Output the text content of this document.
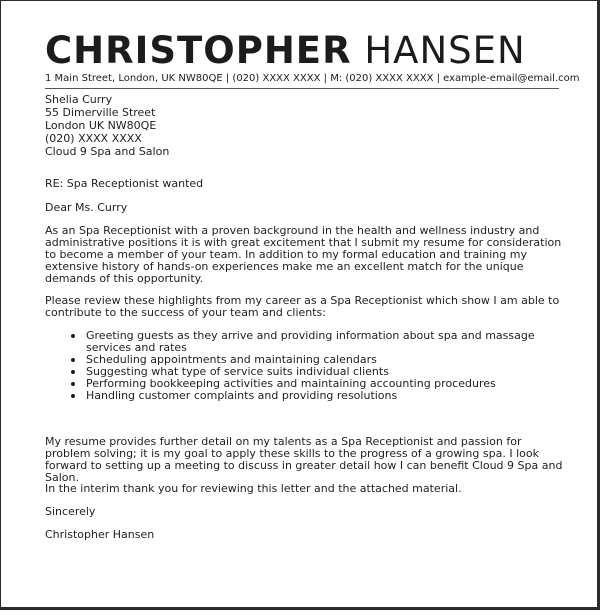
CHRISTOPHER HANSEN
1 Main Street, London, UK NW80QE | (020) XXXX XXXX | M: (020) XXXX XXXX | example-email@email.com
Shelia Curry
55 Dimerville Street
London UK NW80QE
(020) XXXX XXXX
Cloud 9 Spa and Salon
RE: Spa Receptionist wanted
Dear Ms. Curry
As an Spa Receptionist with a proven background in the health and wellness industry and administrative positions it is with great excitement that I submit my resume for consideration to become a member of your team. In addition to my formal education and training my extensive history of hands-on experiences make me an excellent match for the unique demands of this opportunity.
Please review these highlights from my career as a Spa Receptionist which show I am able to contribute to the success of your team and clients:
Greeting guests as they arrive and providing information about spa and massage services and rates
Scheduling appointments and maintaining calendars
Suggesting what type of service suits individual clients
Performing bookkeeping activities and maintaining accounting procedures
Handling customer complaints and providing resolutions
My resume provides further detail on my talents as a Spa Receptionist and passion for problem solving; it is my goal to apply these skills to the progress of a growing spa. I look forward to setting up a meeting to discuss in greater detail how I can benefit Cloud 9 Spa and Salon.
In the interim thank you for reviewing this letter and the attached material.
Sincerely
Christopher Hansen
